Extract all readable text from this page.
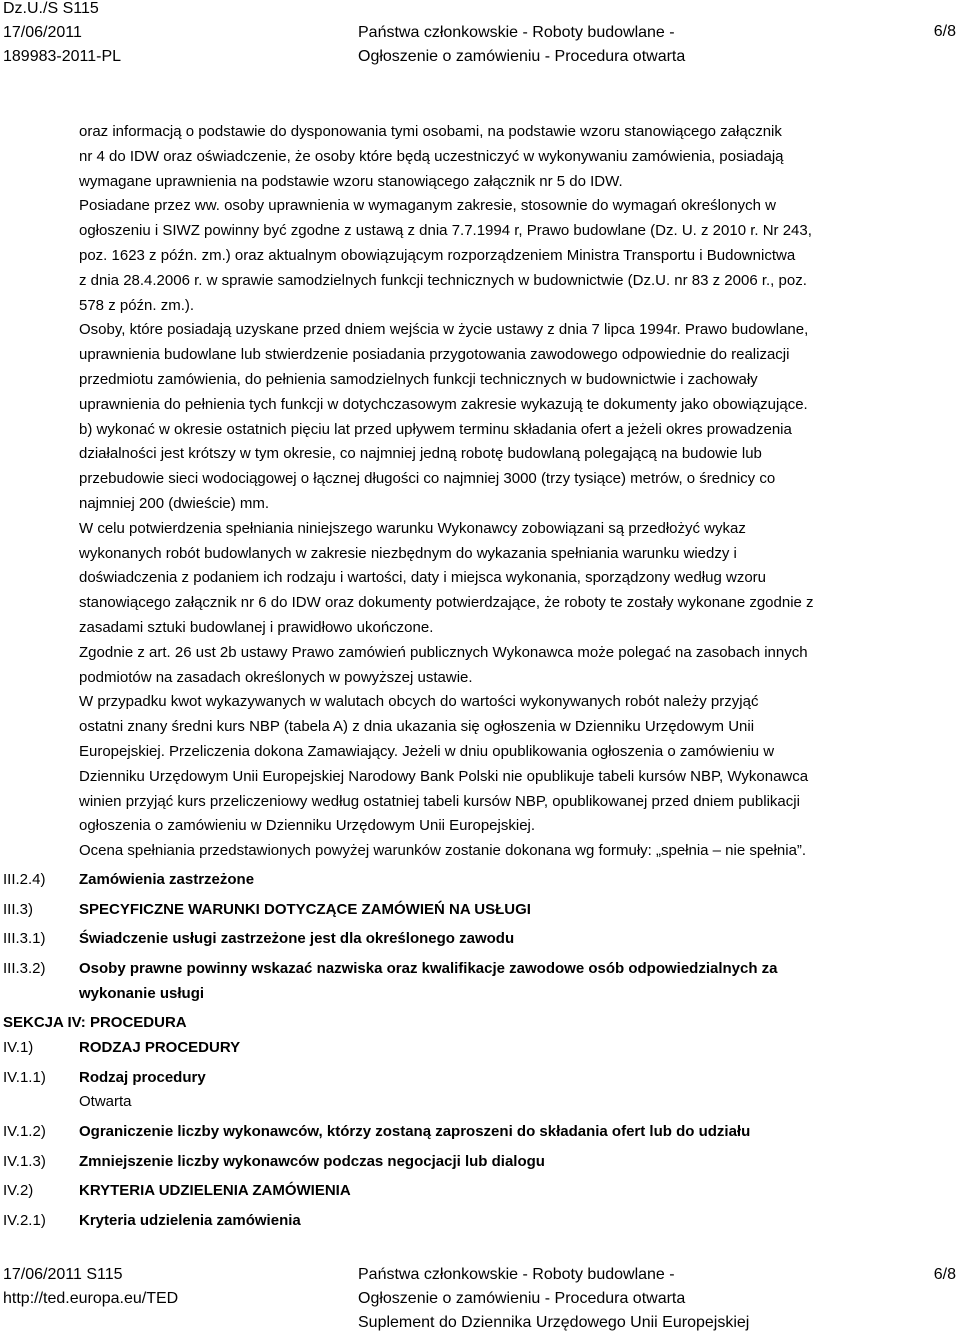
Dz.U./S S115
17/06/2011
189983-2011-PL
Państwa członkowskie - Roboty budowlane -
Ogłoszenie o zamówieniu - Procedura otwarta
6/8
oraz informacją o podstawie do dysponowania tymi osobami, na podstawie wzoru stanowiącego załącznik
nr 4 do IDW oraz oświadczenie, że osoby które będą uczestniczyć w wykonywaniu zamówienia, posiadają
wymagane uprawnienia na podstawie wzoru stanowiącego załącznik nr 5 do IDW.
Posiadane przez ww. osoby uprawnienia w wymaganym zakresie, stosownie do wymagań określonych w
ogłoszeniu i SIWZ powinny być zgodne z ustawą z dnia 7.7.1994 r, Prawo budowlane (Dz. U. z 2010 r. Nr 243,
poz. 1623 z późn. zm.) oraz aktualnym obowiązującym rozporządzeniem Ministra Transportu i Budownictwa
z dnia 28.4.2006 r. w sprawie samodzielnych funkcji technicznych w budownictwie (Dz.U. nr 83 z 2006 r., poz.
578 z późn. zm.).
Osoby, które posiadają uzyskane przed dniem wejścia w życie ustawy z dnia 7 lipca 1994r. Prawo budowlane,
uprawnienia budowlane lub stwierdzenie posiadania przygotowania zawodowego odpowiednie do realizacji
przedmiotu zamówienia, do pełnienia samodzielnych funkcji technicznych w budownictwie i zachowały
uprawnienia do pełnienia tych funkcji w dotychczasowym zakresie wykazują te dokumenty jako obowiązujące.
b) wykonać w okresie ostatnich pięciu lat przed upływem terminu składania ofert a jeżeli okres prowadzenia
działalności jest krótszy w tym okresie, co najmniej jedną robotę budowlaną polegającą na budowie lub
przebudowie sieci wodociągowej o łącznej długości co najmniej 3000 (trzy tysiące) metrów, o średnicy co
najmniej 200 (dwieście) mm.
W celu potwierdzenia spełniania niniejszego warunku Wykonawcy zobowiązani są przedłożyć wykaz
wykonanych robót budowlanych w zakresie niezbędnym do wykazania spełniania warunku wiedzy i
doświadczenia z podaniem ich rodzaju i wartości, daty i miejsca wykonania, sporządzony według wzoru
stanowiącego załącznik nr 6 do IDW oraz dokumenty potwierdzające, że roboty te zostały wykonane zgodnie z
zasadami sztuki budowlanej i prawidłowo ukończone.
Zgodnie z art. 26 ust 2b ustawy Prawo zamówień publicznych Wykonawca może polegać na zasobach innych
podmiotów na zasadach określonych w powyższej ustawie.
W przypadku kwot wykazywanych w walutach obcych do wartości wykonywanych robót należy przyjąć
ostatni znany średni kurs NBP (tabela A) z dnia ukazania się ogłoszenia w Dzienniku Urzędowym Unii
Europejskiej. Przeliczenia dokona Zamawiający. Jeżeli w dniu opublikowania ogłoszenia o zamówieniu w
Dzienniku Urzędowym Unii Europejskiej Narodowy Bank Polski nie opublikuje tabeli kursów NBP, Wykonawca
winien przyjąć kurs przeliczeniowy według ostatniej tabeli kursów NBP, opublikowanej przed dniem publikacji
ogłoszenia o zamówieniu w Dzienniku Urzędowym Unii Europejskiej.
Ocena spełniania przedstawionych powyżej warunków zostanie dokonana wg formuły: „spełnia – nie spełnia”.
III.2.4) Zamówienia zastrzeżone
III.3)	SPECYFICZNE WARUNKI DOTYCZĄCE ZAMÓWIEŃ NA USŁUGI
III.3.1) Świadczenie usługi zastrzeżone jest dla określonego zawodu
III.3.2) Osoby prawne powinny wskazać nazwiska oraz kwalifikacje zawodowe osób odpowiedzialnych za
wykonanie usługi
SEKCJA IV: PROCEDURA
IV.1)	RODZAJ PROCEDURY
IV.1.1) Rodzaj procedury
Otwarta
IV.1.2) Ograniczenie liczby wykonawców, którzy zostaną zaproszeni do składania ofert lub do udziału
IV.1.3) Zmniejszenie liczby wykonawców podczas negocjacji lub dialogu
IV.2)	KRYTERIA UDZIELENIA ZAMÓWIENIA
IV.2.1) Kryteria udzielenia zamówienia
17/06/2011 S115
http://ted.europa.eu/TED
Państwa członkowskie - Roboty budowlane -
Ogłoszenie o zamówieniu - Procedura otwarta
Suplement do Dziennika Urzędowego Unii Europejskiej
6/8
